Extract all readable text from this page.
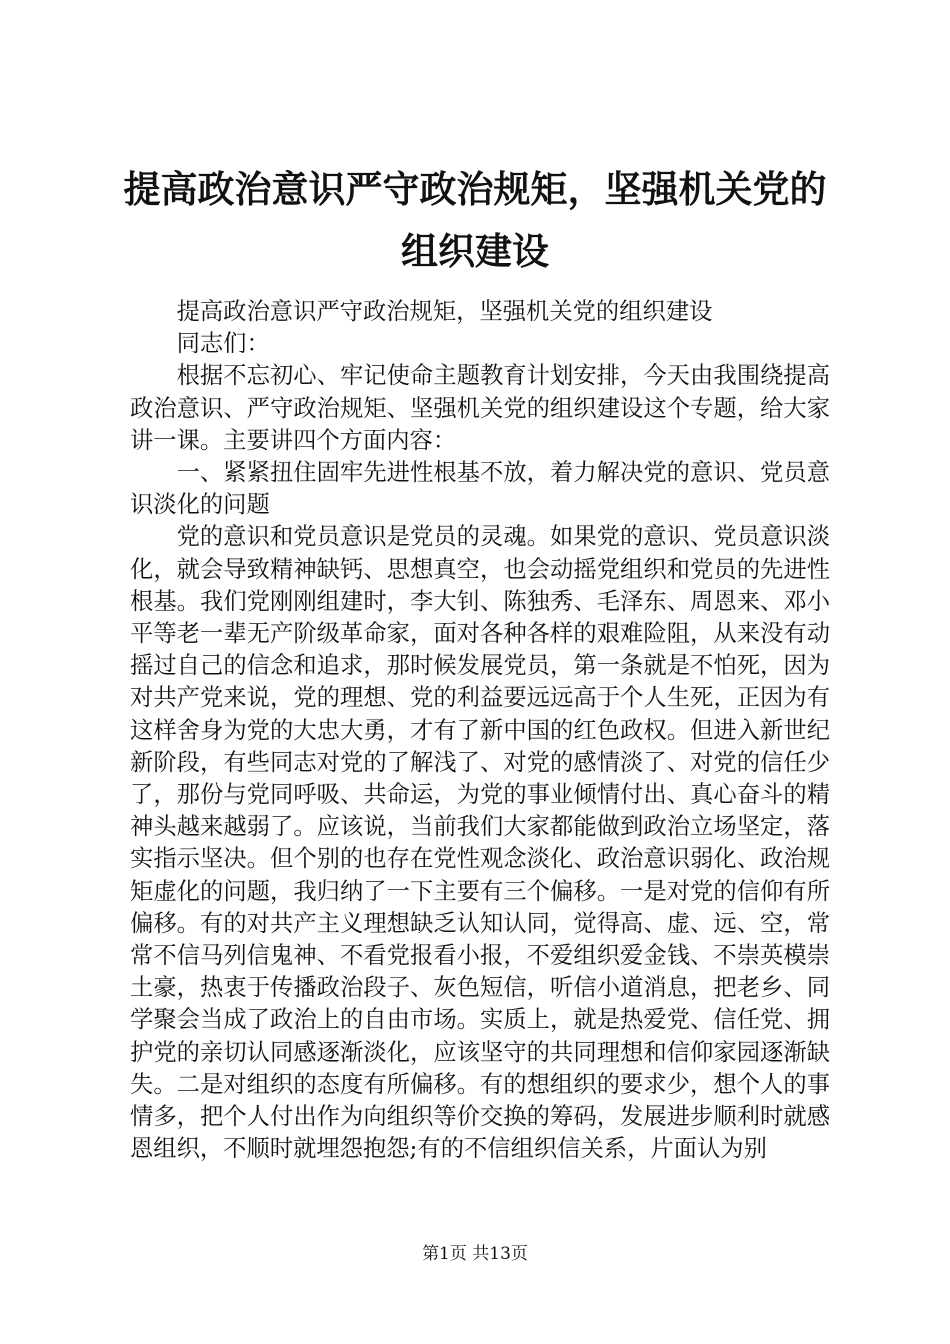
提高政治意识严守政治规矩，坚强机关党的组织建设

提高政治意识严守政治规矩，坚强机关党的组织建设

同志们：

根据不忘初心、牢记使命主题教育计划安排，今天由我围绕提高政治意识、严守政治规矩、坚强机关党的组织建设这个专题，给大家讲一课。主要讲四个方面内容：

一、紧紧扭住固牢先进性根基不放，着力解决党的意识、党员意识淡化的问题

党的意识和党员意识是党员的灵魂。如果党的意识、党员意识淡化，就会导致精神缺钙、思想真空，也会动摇党组织和党员的先进性根基。我们党刚刚组建时，李大钊、陈独秀、毛泽东、周恩来、邓小平等老一辈无产阶级革命家，面对各种各样的艰难险阻，从来没有动摇过自己的信念和追求，那时候发展党员，第一条就是不怕死，因为对共产党来说，党的理想、党的利益要远远高于个人生死，正因为有这样舍身为党的大忠大勇，才有了新中国的红色政权。但进入新世纪新阶段，有些同志对党的了解浅了、对党的感情淡了、对党的信任少了，那份与党同呼吸、共命运，为党的事业倾情付出、真心奋斗的精神头越来越弱了。应该说，当前我们大家都能做到政治立场坚定，落实指示坚决。但个别的也存在党性观念淡化、政治意识弱化、政治规矩虚化的问题，我归纳了一下主要有三个偏移。一是对党的信仰有所偏移。有的对共产主义理想缺乏认知认同，觉得高、虚、远、空，常常不信马列信鬼神、不看党报看小报，不爱组织爱金钱、不崇英模崇土豪，热衷于传播政治段子、灰色短信，听信小道消息，把老乡、同学聚会当成了政治上的自由市场。实质上，就是热爱党、信任党、拥护党的亲切认同感逐渐淡化，应该坚守的共同理想和信仰家园逐渐缺失。二是对组织的态度有所偏移。有的想组织的要求少，想个人的事情多，把个人付出作为向组织等价交换的筹码，发展进步顺利时就感恩组织，不顺时就埋怨抱怨;有的不信组织信关系，片面认为别

第1页 共13页
